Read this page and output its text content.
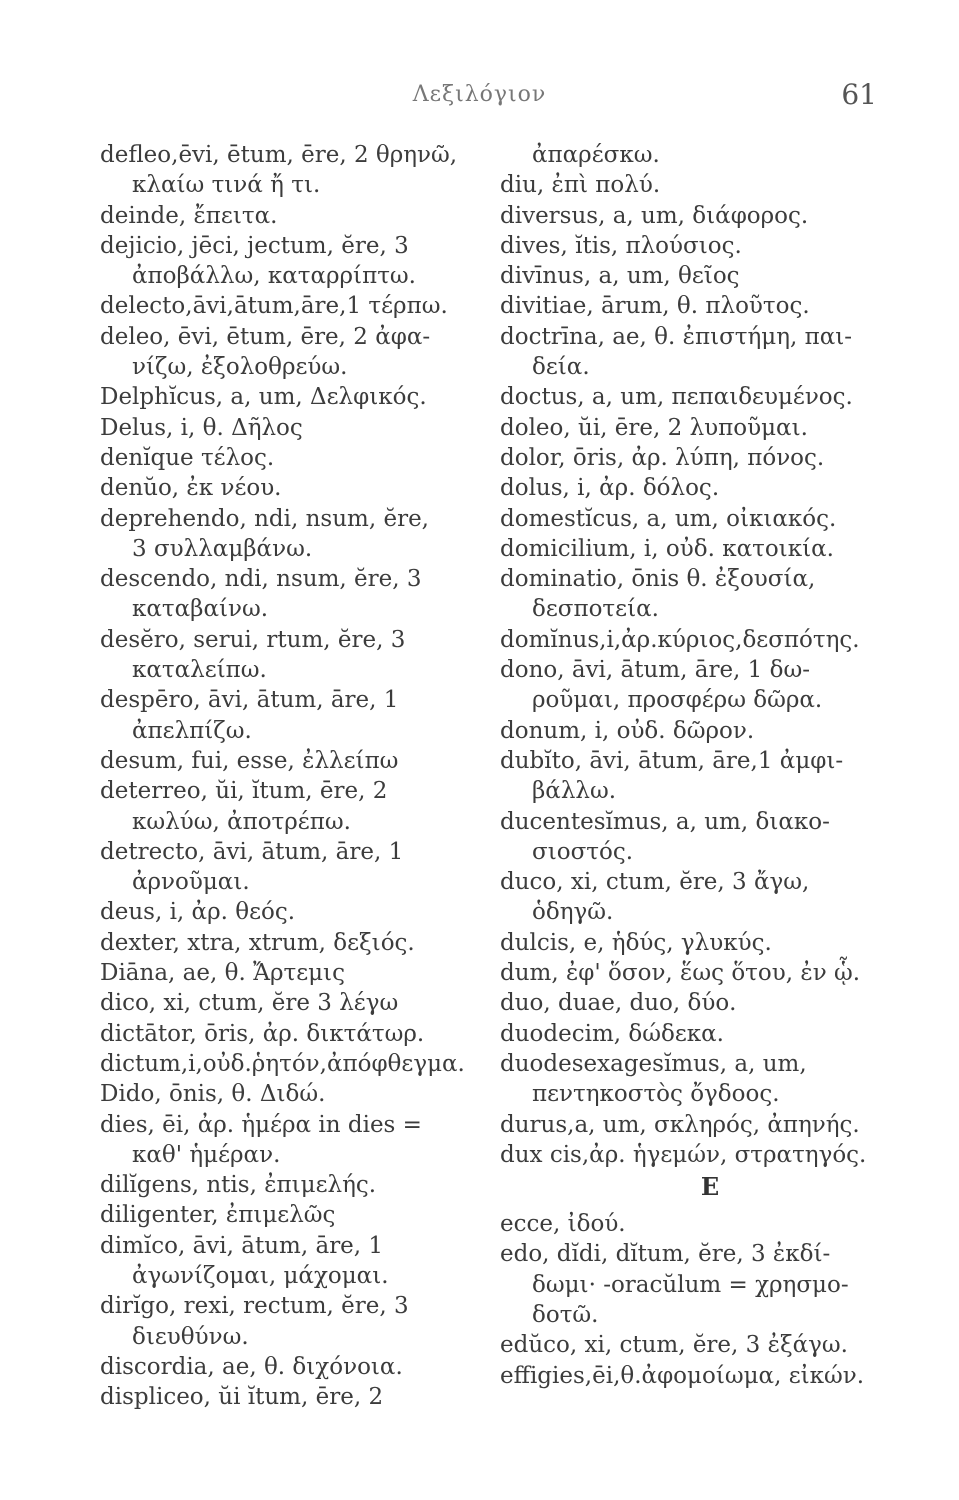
Λεξιλόγιον	61
defleo,ēvi, ētum, ēre, 2 θρηνῶ,
κλαίω τινά ἤ τι.
deinde, ἔπειτα.
dejicio, jēci, jectum, ĕre, 3
ἀποβάλλω, καταρρίπτω.
delecto,āvi,ātum,āre,1 τέρπω.
deleo, ēvi, ētum, ēre, 2 ἀφα-
νίζω, ἐξολοθρεύω.
Delphĭcus, a, um, Δελφικός.
Delus, i, θ. Δῆλος
denĭque τέλος.
denŭo, ἐκ νέου.
deprehendo, ndi, nsum, ĕre,
3 συλλαμβάνω.
descendo, ndi, nsum, ĕre, 3
καταβαίνω.
desĕro, serui, rtum, ĕre, 3
καταλείπω.
despēro, āvi, ātum, āre, 1
ἀπελπίζω.
desum, fui, esse, ἐλλείπω
deterreo, ŭi, ĭtum, ēre, 2
κωλύω, ἀποτρέπω.
detrecto, āvi, ātum, āre, 1
ἀρνοῦμαι.
deus, i, ἀρ. θεός.
dexter, xtra, xtrum, δεξιός.
Diāna, ae, θ. Ἄρτεμις
dico, xi, ctum, ĕre 3 λέγω
dictātor, ōris, ἀρ. δικτάτωρ.
dictum,i,οὐδ.ῥητόν,ἀπόφθεγμα.
Dido, ōnis, θ. Διδώ.
dies, ēi, ἀρ. ἡμέρα in dies =
καθ' ἡμέραν.
dilĭgens, ntis, ἐπιμελής.
diligenter, ἐπιμελῶς
dimĭco, āvi, ātum, āre, 1
ἀγωνίζομαι, μάχομαι.
dirĭgo, rexi, rectum, ĕre, 3
διευθύνω.
discordia, ae, θ. διχόνοια.
displiceo, ŭi ĭtum, ēre, 2
ἀπαρέσκω.
diu, ἐπὶ πολύ.
diversus, a, um, διάφορος.
dives, ĭtis, πλούσιος.
divīnus, a, um, θεῖος
divitiae, ārum, θ. πλοῦτος.
doctrīna, ae, θ. ἐπιστήμη, παι-
δεία.
doctus, a, um, πεπαιδευμένος.
doleo, ŭi, ēre, 2 λυποῦμαι.
dolor, ōris, ἀρ. λύπη, πόνος.
dolus, i, ἀρ. δόλος.
domestĭcus, a, um, οἰκιακός.
domicilium, i, οὐδ. κατοικία.
dominatio, ōnis θ. ἐξουσία,
δεσποτεία.
domĭnus,i,ἀρ.κύριος,δεσπότης.
dono, āvi, ātum, āre, 1 δω-
ροῦμαι, προσφέρω δῶρα.
donum, i, οὐδ. δῶρον.
dubĭto, āvi, ātum, āre,1 ἀμφι-
βάλλω.
ducentesĭmus, a, um, διακο-
σιοστός.
duco, xi, ctum, ĕre, 3 ἄγω,
ὁδηγῶ.
dulcis, e, ἡδύς, γλυκύς.
dum, ἐφ' ὅσον, ἕως ὅτου, ἐν ᾧ.
duo, duae, duo, δύο.
duodecim, δώδεκα.
duodesexagesĭmus, a, um,
πεντηκοστὸς ὄγδοος.
durus,a, um, σκληρός, ἀπηνής.
dux cis,ἀρ. ἡγεμών, στρατηγός.
E
ecce, ἰδού.
edo, dĭdi, dĭtum, ĕre, 3 ἐκδί-
δωμι· -oracŭlum = χρησμο-
δοτῶ.
edŭco, xi, ctum, ĕre, 3 ἐξάγω.
effigies,ēi,θ.ἀφομοίωμα, εἰκών.
